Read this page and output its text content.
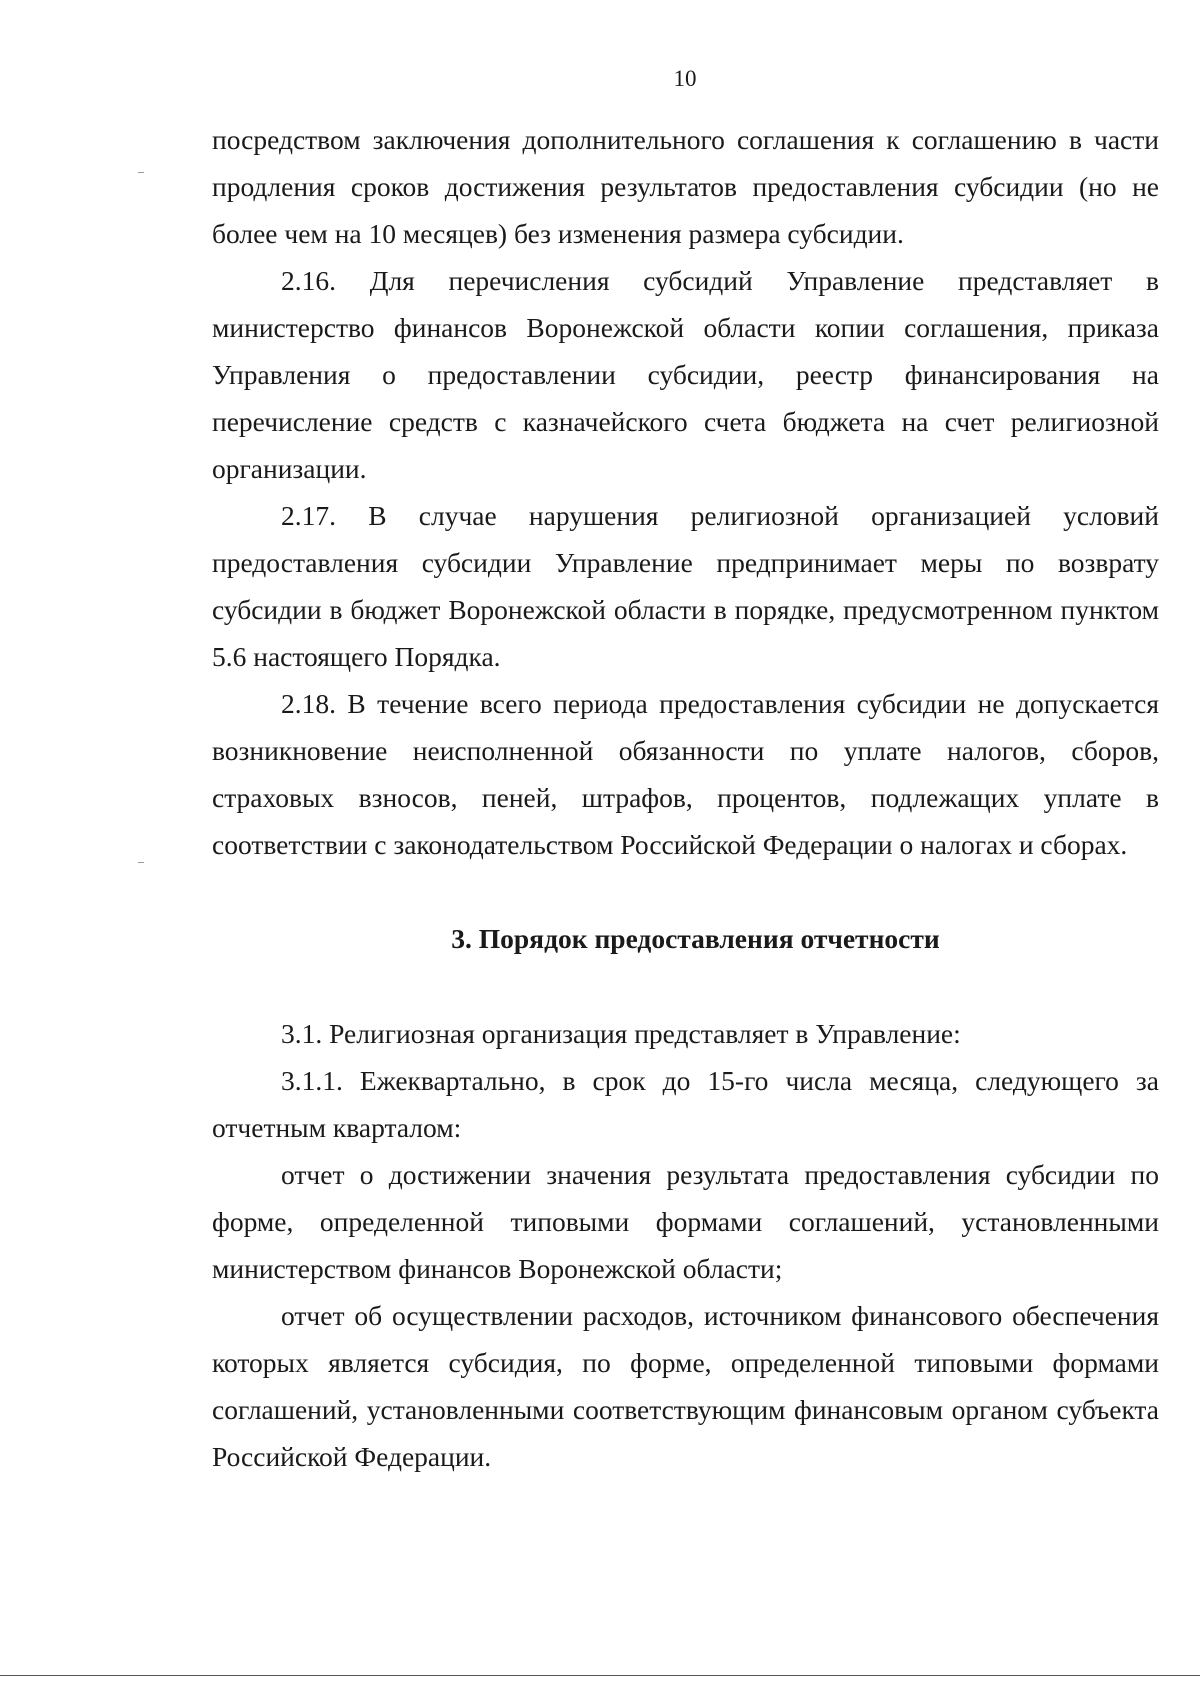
10

посредством заключения дополнительного соглашения к соглашению в части продления сроков достижения результатов предоставления субсидии (но не более чем на 10 месяцев) без изменения размера субсидии.

2.16. Для перечисления субсидий Управление представляет в министерство финансов Воронежской области копии соглашения, приказа Управления о предоставлении субсидии, реестр финансирования на перечисление средств с казначейского счета бюджета на счет религиозной организации.

2.17. В случае нарушения религиозной организацией условий предоставления субсидии Управление предпринимает меры по возврату субсидии в бюджет Воронежской области в порядке, предусмотренном пунктом 5.6 настоящего Порядка.

2.18. В течение всего периода предоставления субсидии не допускается возникновение неисполненной обязанности по уплате налогов, сборов, страховых взносов, пеней, штрафов, процентов, подлежащих уплате в соответствии с законодательством Российской Федерации о налогах и сборах.

3. Порядок предоставления отчетности

3.1. Религиозная организация представляет в Управление:

3.1.1. Ежеквартально, в срок до 15-го числа месяца, следующего за отчетным кварталом:

отчет о достижении значения результата предоставления субсидии по форме, определенной типовыми формами соглашений, установленными министерством финансов Воронежской области;

отчет об осуществлении расходов, источником финансового обеспечения которых является субсидия, по форме, определенной типовыми формами соглашений, установленными соответствующим финансовым органом субъекта Российской Федерации.
